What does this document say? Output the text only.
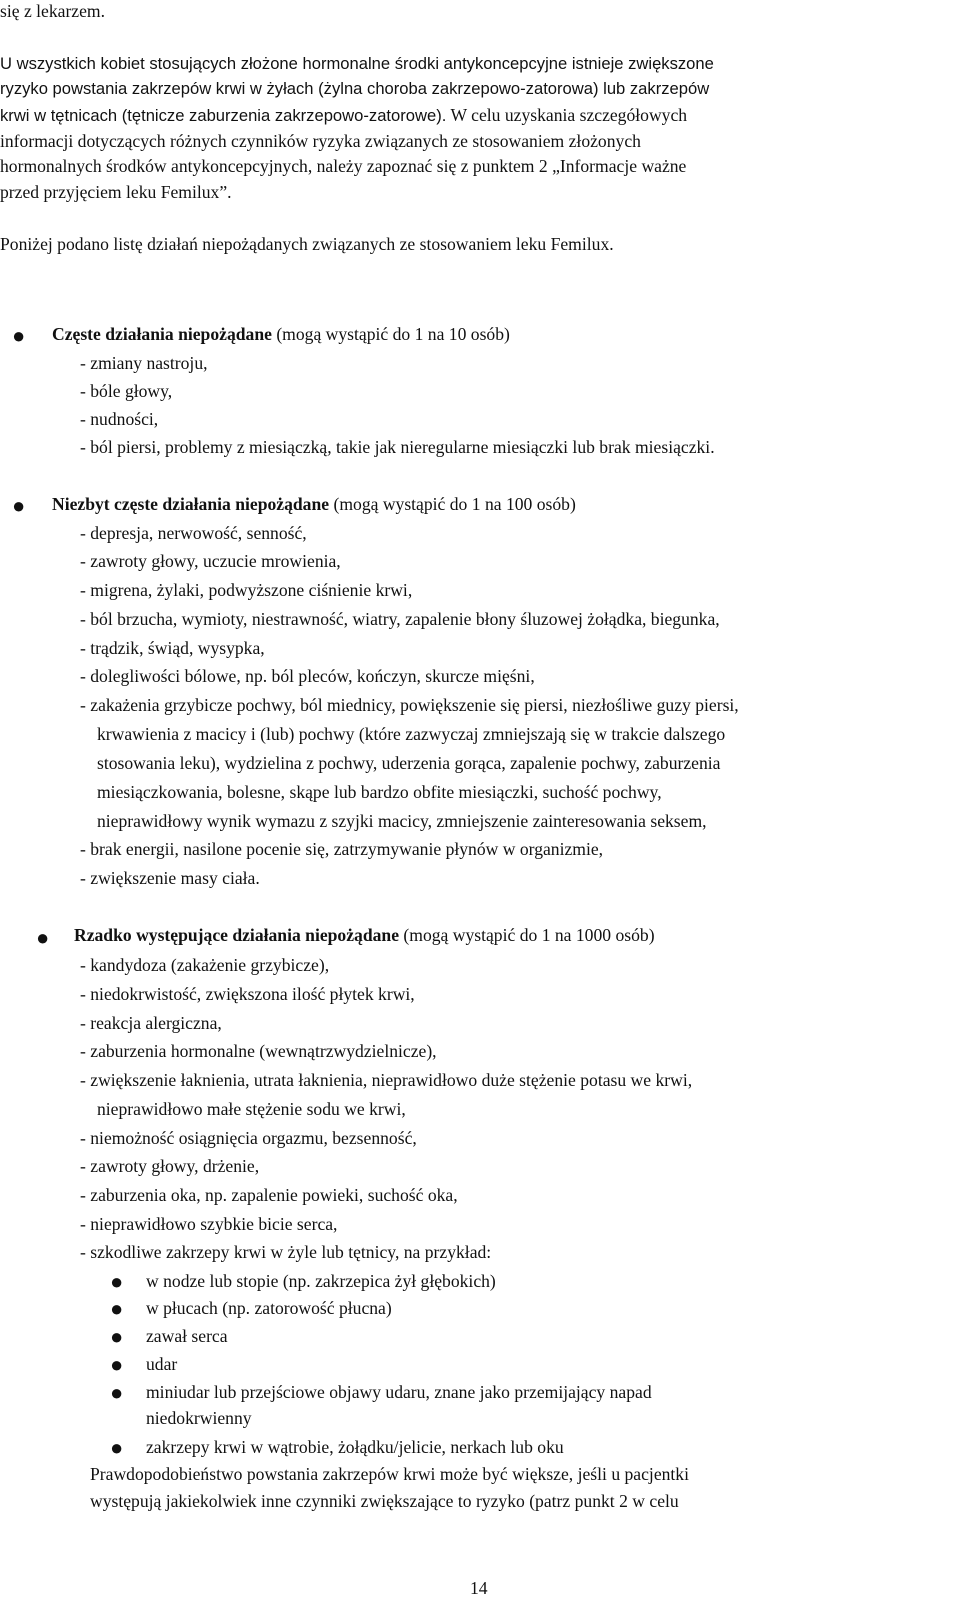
się z lekarzem.
U wszystkich kobiet stosujących złożone hormonalne środki antykoncepcyjne istnieje zwiększone
ryzyko powstania zakrzepów krwi w żyłach (żylna choroba zakrzepowo-zatorowa) lub zakrzepów
krwi w tętnicach (tętnicze zaburzenia zakrzepowo-zatorowe). W celu uzyskania szczegółowych
informacji dotyczących różnych czynników ryzyka związanych ze stosowaniem złożonych
hormonalnych środków antykoncepcyjnych, należy zapoznać się z punktem 2 „Informacje ważne
przed przyjęciem leku Femilux”.
Poniżej podano listę działań niepożądanych związanych ze stosowaniem leku Femilux.
● Częste działania niepożądane (mogą wystąpić do 1 na 10 osób)
- zmiany nastroju,
- bóle głowy,
- nudności,
- ból piersi, problemy z miesiączką, takie jak nieregularne miesiączki lub brak miesiączki.
● Niezbyt częste działania niepożądane (mogą wystąpić do 1 na 100 osób)
- depresja, nerwowość, senność,
- zawroty głowy, uczucie mrowienia,
- migrena, żylaki, podwyższone ciśnienie krwi,
- ból brzucha, wymioty, niestrawność, wiatry, zapalenie błony śluzowej żołądka, biegunka,
- trądzik, świąd, wysypka,
- dolegliwości bólowe, np. ból pleców, kończyn, skurcze mięśni,
- zakażenia grzybicze pochwy, ból miednicy, powiększenie się piersi, niezłośliwe guzy piersi,
krwawienia z macicy i (lub) pochwy (które zazwyczaj zmniejszają się w trakcie dalszego
stosowania leku), wydzielina z pochwy, uderzenia gorąca, zapalenie pochwy, zaburzenia
miesiączkowania, bolesne, skąpe lub bardzo obfite miesiączki, suchość pochwy,
nieprawidłowy wynik wymazu z szyjki macicy, zmniejszenie zainteresowania seksem,
- brak energii, nasilone pocenie się, zatrzymywanie płynów w organizmie,
- zwiększenie masy ciała.
● Rzadko występujące działania niepożądane (mogą wystąpić do 1 na 1000 osób)
- kandydoza (zakażenie grzybicze),
- niedokrwistość, zwiększona ilość płytek krwi,
- reakcja alergiczna,
- zaburzenia hormonalne (wewnątrzwydzielnicze),
- zwiększenie łaknienia, utrata łaknienia, nieprawidłowo duże stężenie potasu we krwi,
nieprawidłowo małe stężenie sodu we krwi,
- niemożność osiągnięcia orgazmu, bezsenność,
- zawroty głowy, drżenie,
- zaburzenia oka, np. zapalenie powieki, suchość oka,
- nieprawidłowo szybkie bicie serca,
- szkodliwe zakrzepy krwi w żyle lub tętnicy, na przykład:
● w nodze lub stopie (np. zakrzepica żył głębokich)
● w płucach (np. zatorowość płucna)
● zawał serca
● udar
● miniudar lub przejściowe objawy udaru, znane jako przemijający napad
niedokrwienny
● zakrzepy krwi w wątrobie, żołądku/jelicie, nerkach lub oku
Prawdopodobieństwo powstania zakrzepów krwi może być większe, jeśli u pacjentki
występują jakiekolwiek inne czynniki zwiększające to ryzyko (patrz punkt 2 w celu
14
